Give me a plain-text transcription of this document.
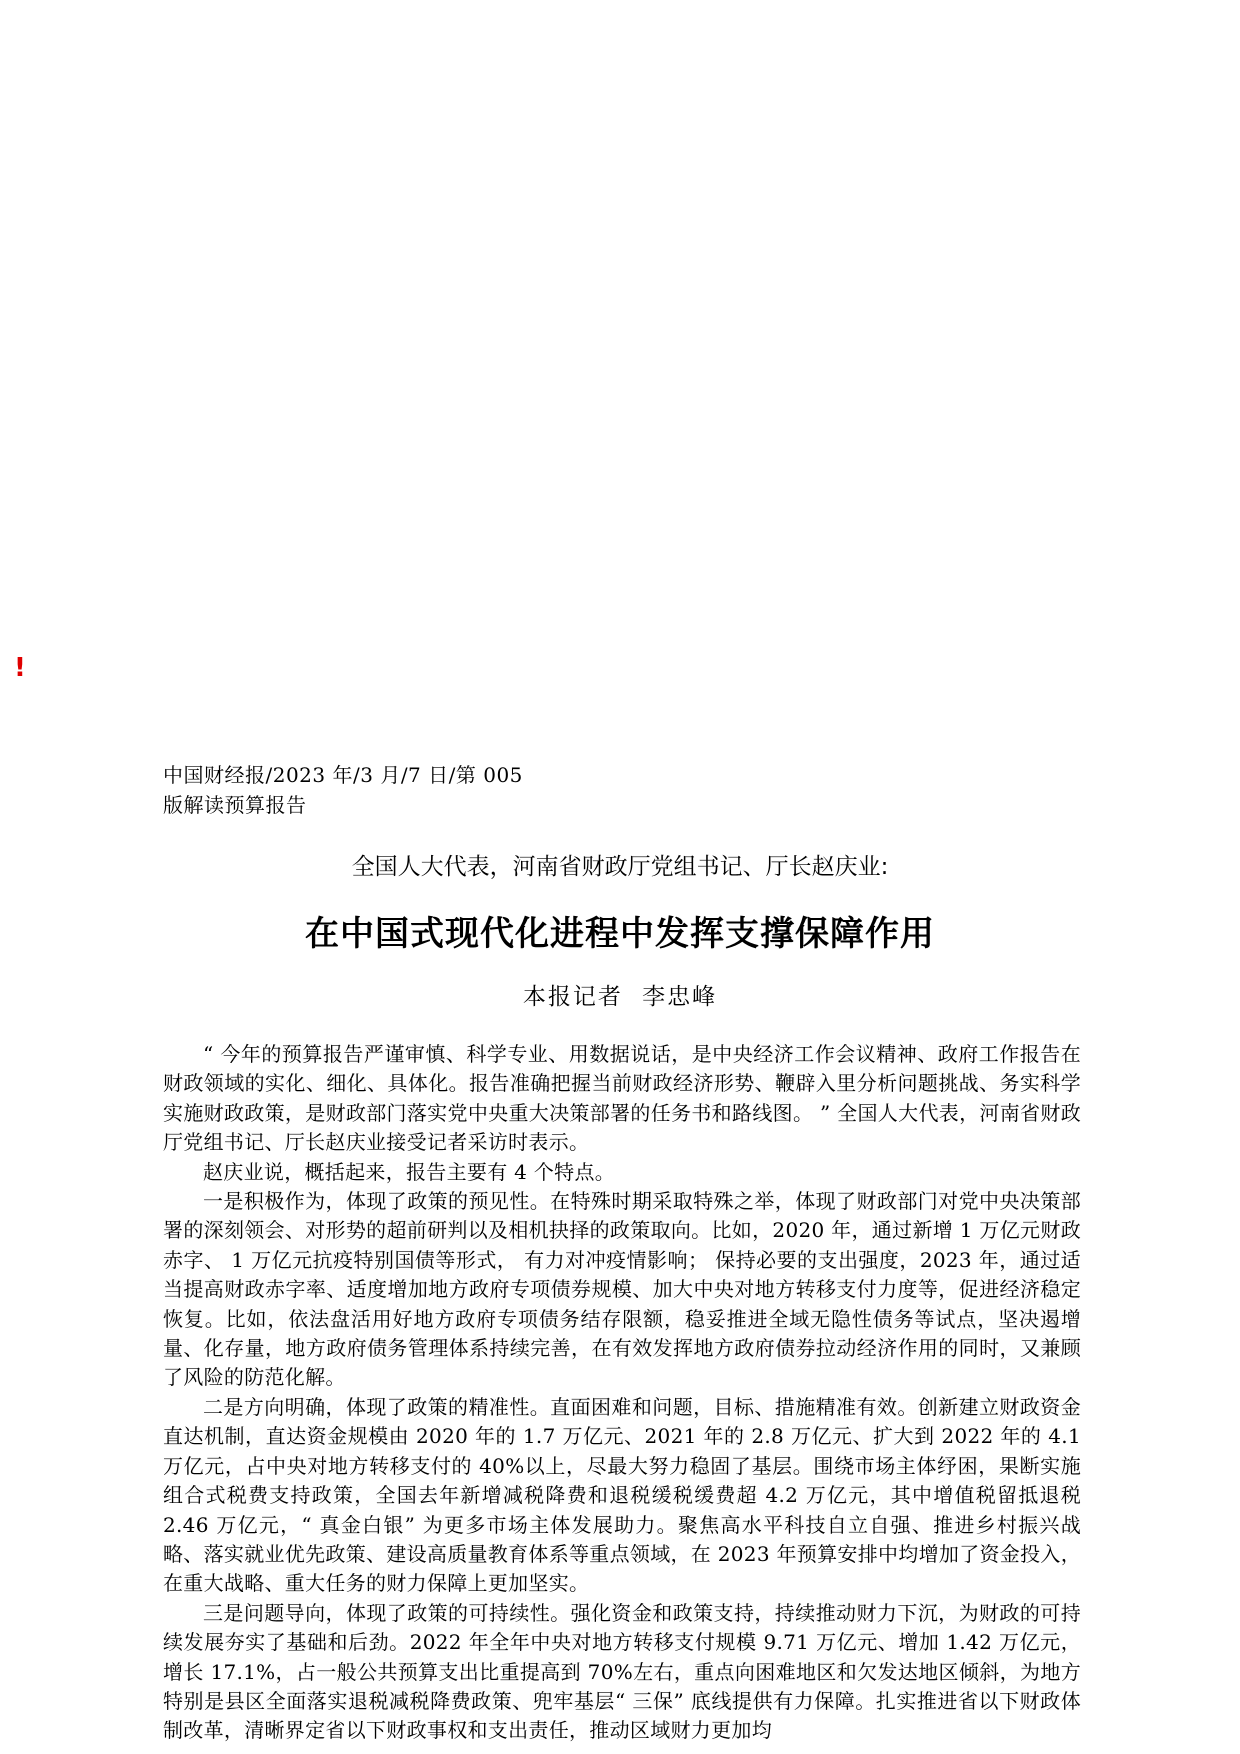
!
中国财经报/2023 年/3 月/7 日/第 005 版解读预算报告
全国人大代表，河南省财政厅党组书记、厅长赵庆业:
在中国式现代化进程中发挥支撑保障作用
本报记者 李忠峰

“ 今年的预算报告严谨审慎、科学专业、用数据说话，是中央经济工作会议精神、政府工作报告在财政领域的实化、细化、具体化。报告准确把握当前财政经济形势、鞭辟入里分析问题挑战、务实科学实施财政政策，是财政部门落实党中央重大决策部署的任务书和路线图。 ” 全国人大代表，河南省财政厅党组书记、厅长赵庆业接受记者采访时表示。

赵庆业说，概括起来，报告主要有 4 个特点。

一是积极作为，体现了政策的预见性。在特殊时期采取特殊之举，体现了财政部门对党中央决策部署的深刻领会、对形势的超前研判以及相机抉择的政策取向。比如，2020 年，通过新增 1 万亿元财政赤字、 1 万亿元抗疫特别国债等形式， 有力对冲疫情影响； 保持必要的支出强度，2023 年，通过适当提高财政赤字率、适度增加地方政府专项债券规模、加大中央对地方转移支付力度等，促进经济稳定恢复。比如，依法盘活用好地方政府专项债务结存限额，稳妥推进全域无隐性债务等试点，坚决遏增量、化存量，地方政府债务管理体系持续完善，在有效发挥地方政府债券拉动经济作用的同时，又兼顾了风险的防范化解。

二是方向明确，体现了政策的精准性。直面困难和问题，目标、措施精准有效。创新建立财政资金直达机制，直达资金规模由 2020 年的 1.7 万亿元、2021 年的 2.8 万亿元、扩大到 2022 年的 4.1 万亿元，占中央对地方转移支付的 40%以上，尽最大努力稳固了基层。围绕市场主体纾困，果断实施组合式税费支持政策，全国去年新增减税降费和退税缓税缓费超 4.2 万亿元，其中增值税留抵退税 2.46 万亿元，“ 真金白银” 为更多市场主体发展助力。聚焦高水平科技自立自强、推进乡村振兴战略、落实就业优先政策、建设高质量教育体系等重点领域，在 2023 年预算安排中均增加了资金投入，在重大战略、重大任务的财力保障上更加坚实。

三是问题导向，体现了政策的可持续性。强化资金和政策支持，持续推动财力下沉，为财政的可持续发展夯实了基础和后劲。2022 年全年中央对地方转移支付规模 9.71 万亿元、增加 1.42 万亿元，增长 17.1%，占一般公共预算支出比重提高到 70%左右，重点向困难地区和欠发达地区倾斜，为地方特别是县区全面落实退税减税降费政策、兜牢基层“ 三保” 底线提供有力保障。扎实推进省以下财政体制改革，清晰界定省以下财政事权和支出责任，推动区域财力更加均
